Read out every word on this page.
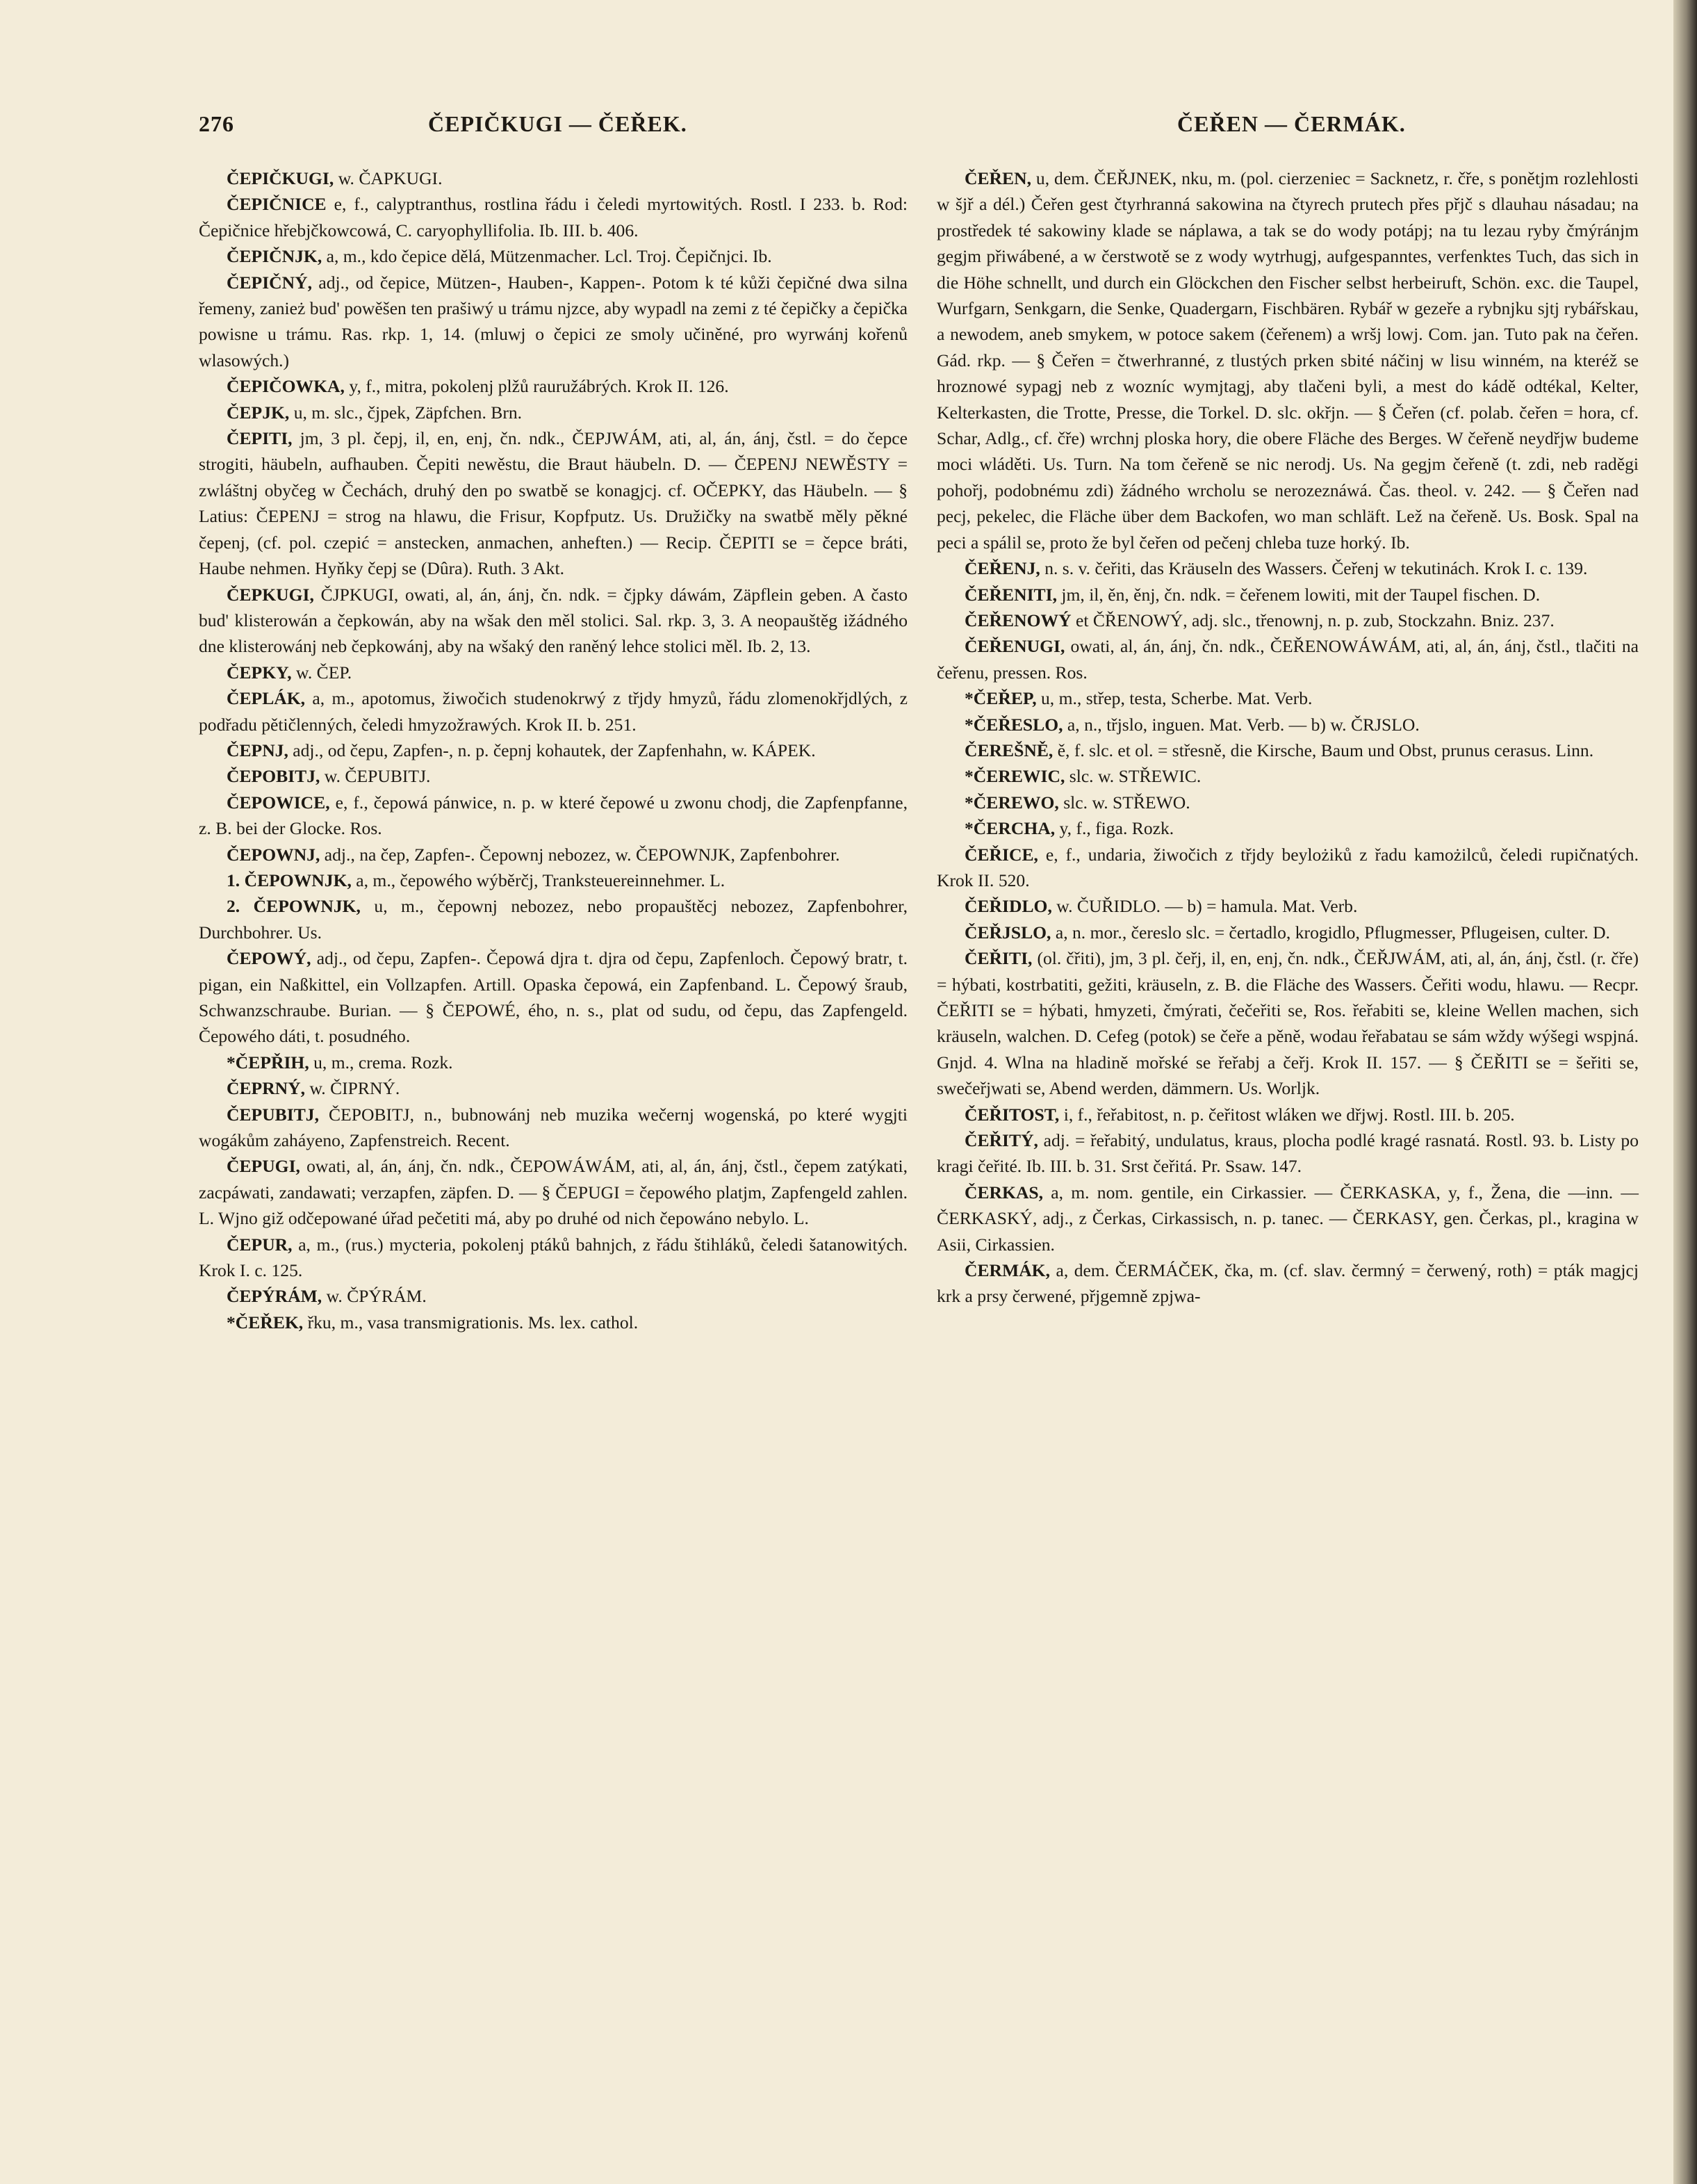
276	ČEPIČKUGI — ČEŘEK.	ČEŘEN — ČERMÁK.

ČEPIČKUGI, w. ČAPKUGI.

ČEPIČNICE e, f., calyptranthus, rostlina řádu i čeledi myrtowitých. Rostl. I 233. b. Rod: Čepičnice hřebjčkowcowá, C. caryophyllifolia. Ib. III. b. 406.

ČEPIČNJK, a, m., kdo čepice dělá, Mützenmacher. Lcl. Troj. Čepičnjci. Ib.

ČEPIČNÝ, adj., od čepice, Mützen-, Hauben-, Kappen-. Potom k té kůži čepičné dwa silna řemeny, zanież bud' powěšen ten prašiwý u trámu njzce, aby wypadl na zemi z té čepičky a čepička powisne u trámu. Ras. rkp. 1, 14. (mluwj o čepici ze smoly učiněné, pro wyrwánj kořenů wlasowých.)

ČEPIČOWKA, y, f., mitra, pokolenj plžů rauružábrých. Krok II. 126.

ČEPJK, u, m. slc., čjpek, Zäpfchen. Brn.

ČEPITI, jm, 3 pl. čepj, il, en, enj, čn. ndk., ČEPJWÁM, ati, al, án, ánj, čstl. = do čepce strogiti, häubeln, aufhauben. Čepiti newěstu, die Braut häubeln. D. — ČEPENJ NEWĚSTY = zwláštnj obyčeg w Čechách, druhý den po swatbě se konagjcj. cf. OČEPKY, das Häubeln. — § Latius: ČEPENJ = strog na hlawu, die Frisur, Kopfputz. Us. Družičky na swatbě měly pěkné čepenj, (cf. pol. czepić = anstecken, anmachen, anheften.) — Recip. ČEPITI se = čepce bráti, Haube nehmen. Hyňky čepj se (Dûra). Ruth. 3 Akt.

ČEPKUGI, ČJPKUGI, owati, al, án, ánj, čn. ndk. = čjpky dáwám, Zäpflein geben. A často bud' klisterowán a čepkowán, aby na wšak den měl stolici. Sal. rkp. 3, 3. A neopauštěg ižádného dne klisterowánj neb čepkowánj, aby na wšaký den raněný lehce stolici měl. Ib. 2, 13.

ČEPKY, w. ČEP.

ČEPLÁK, a, m., apotomus, žiwočich studenokrwý z třjdy hmyzů, řádu zlomenokřjdlých, z podřadu pětičlenných, čeledi hmyzožrawých. Krok II. b. 251.

ČEPNJ, adj., od čepu, Zapfen-, n. p. čepnj kohautek, der Zapfenhahn, w. KÁPEK.

ČEPOBITJ, w. ČEPUBITJ.

ČEPOWICE, e, f., čepowá pánwice, n. p. w které čepowé u zwonu chodj, die Zapfenpfanne, z. B. bei der Glocke. Ros.

ČEPOWNJ, adj., na čep, Zapfen-. Čepownj nebozez, w. ČEPOWNJK, Zapfenbohrer.

1. ČEPOWNJK, a, m., čepowého wýběrčj, Tranksteuereinnehmer. L.

2. ČEPOWNJK, u, m., čepownj nebozez, nebo propauštěcj nebozez, Zapfenbohrer, Durchbohrer. Us.

ČEPOWÝ, adj., od čepu, Zapfen-. Čepowá djra t. djra od čepu, Zapfenloch. Čepowý bratr, t. pigan, ein Naßkittel, ein Vollzapfen. Artill. Opaska čepowá, ein Zapfenband. L. Čepowý šraub, Schwanzschraube. Burian. — § ČEPOWÉ, ého, n. s., plat od sudu, od čepu, das Zapfengeld. Čepowého dáti, t. posudného.

*ČEPŘIH, u, m., crema. Rozk.

ČEPRNÝ, w. ČIPRNÝ.

ČEPUBITJ, ČEPOBITJ, n., bubnowánj neb muzika wečernj wogenská, po které wygjti wogákům zaháyeno, Zapfenstreich. Recent.

ČEPUGI, owati, al, án, ánj, čn. ndk., ČEPOWÁWÁM, ati, al, án, ánj, čstl., čepem zatýkati, zacpáwati, zandawati; verzapfen, zäpfen. D. — § ČEPUGI = čepowého platjm, Zapfengeld zahlen. L. Wjno giž odčepowané úřad pečetiti má, aby po druhé od nich čepowáno nebylo. L.

ČEPUR, a, m., (rus.) mycteria, pokolenj ptáků bahnjch, z řádu štihláků, čeledi šatanowitých. Krok I. c. 125.

ČEPÝRÁM, w. ČPÝRÁM.

*ČEŘEK, řku, m., vasa transmigrationis. Ms. lex. cathol.

ČEŘEN, u, dem. ČEŘJNEK, nku, m. (pol. cierzeniec = Sacknetz, r. čře, s ponětjm rozlehlosti w šjř a dél.) Čeřen gest čtyrhranná sakowina na čtyrech prutech přes přjč s dlauhau násadau; na prostředek té sakowiny klade se náplawa, a tak se do wody potápj; na tu lezau ryby čmýránjm gegjm přiwábené, a w čerstwotě se z wody wytrhugj, aufgespanntes, verfenktes Tuch, das sich in die Höhe schnellt, und durch ein Glöckchen den Fischer selbst herbeiruft, Schön. exc. die Taupel, Wurfgarn, Senkgarn, die Senke, Quadergarn, Fischbären. Rybář w gezeře a rybnjku sjtj rybářskau, a newodem, aneb smykem, w potoce sakem (čeřenem) a wršj lowj. Com. jan. Tuto pak na čeřen. Gád. rkp. — § Čeřen = čtwerhranné, z tlustých prken sbité náčinj w lisu winném, na kteréž se hroznowé sypagj neb z wozníc wymjtagj, aby tlačeni byli, a mest do kádě odtékal, Kelter, Kelterkasten, die Trotte, Presse, die Torkel. D. slc. okřjn. — § Čeřen (cf. polab. čeřen = hora, cf. Schar, Adlg., cf. čře) wrchnj ploska hory, die obere Fläche des Berges. W čeřeně neydřjw budeme moci wláděti. Us. Turn. Na tom čeřeně se nic nerodj. Us. Na gegjm čeřeně (t. zdi, neb raděgi pohořj, podobnému zdi) žádného wrcholu se nerozeznáwá. Čas. theol. v. 242. — § Čeřen nad pecj, pekelec, die Fläche über dem Backofen, wo man schläft. Lež na čeřeně. Us. Bosk. Spal na peci a spálil se, proto že byl čeřen od pečenj chleba tuze horký. Ib.

ČEŘENJ, n. s. v. čeřiti, das Kräuseln des Wassers. Čeřenj w tekutinách. Krok I. c. 139.

ČEŘENITI, jm, il, ěn, ěnj, čn. ndk. = čeřenem lowiti, mit der Taupel fischen. D.

ČEŘENOWÝ et ČŘENOWÝ, adj. slc., třenownj, n. p. zub, Stockzahn. Bniz. 237.

ČEŘENUGI, owati, al, án, ánj, čn. ndk., ČEŘENOWÁWÁM, ati, al, án, ánj, čstl., tlačiti na čeřenu, pressen. Ros.

*ČEŘEP, u, m., střep, testa, Scherbe. Mat. Verb.

*ČEŘESLO, a, n., třjslo, inguen. Mat. Verb. — b) w. ČRJSLO.

ČEREŠNĚ, ě, f. slc. et ol. = střesně, die Kirsche, Baum und Obst, prunus cerasus. Linn.

*ČEREWIC, slc. w. STŘEWIC.

*ČEREWO, slc. w. STŘEWO.

*ČERCHA, y, f., figa. Rozk.

ČEŘICE, e, f., undaria, žiwočich z třjdy beylożiků z řadu kamożilců, čeledi rupičnatých. Krok II. 520.

ČEŘIDLO, w. ČUŘIDLO. — b) = hamula. Mat. Verb.

ČEŘJSLO, a, n. mor., čereslo slc. = čertadlo, krogidlo, Pflugmesser, Pflugeisen, culter. D.

ČEŘITI, (ol. čřiti), jm, 3 pl. čeřj, il, en, enj, čn. ndk., ČEŘJWÁM, ati, al, án, ánj, čstl. (r. čře) = hýbati, kostrbatiti, gežiti, kräuseln, z. B. die Fläche des Wassers. Čeřiti wodu, hlawu. — Recpr. ČEŘITI se = hýbati, hmyzeti, čmýrati, čečeřiti se, Ros. řeřabiti se, kleine Wellen machen, sich kräuseln, walchen. D. Cefeg (potok) se čeře a pěně, wodau řeřabatau se sám wždy wýšegi wspjná. Gnjd. 4. Wlna na hladině mořské se řeřabj a čeřj. Krok II. 157. — § ČEŘITI se = šeřiti se, swečeřjwati se, Abend werden, dämmern. Us. Worljk.

ČEŘITOST, i, f., řeřabitost, n. p. čeřitost wláken we dřjwj. Rostl. III. b. 205.

ČEŘITÝ, adj. = řeřabitý, undulatus, kraus, plocha podlé kragé rasnatá. Rostl. 93. b. Listy po kragi čeřité. Ib. III. b. 31. Srst čeřitá. Pr. Ssaw. 147.

ČERKAS, a, m. nom. gentile, ein Cirkassier. — ČERKASKA, y, f., Žena, die —inn. — ČERKASKÝ, adj., z Čerkas, Cirkassisch, n. p. tanec. — ČERKASY, gen. Čerkas, pl., kragina w Asii, Cirkassien.

ČERMÁK, a, dem. ČERMÁČEK, čka, m. (cf. slav. čermný = čerwený, roth) = pták magjcj krk a prsy čerwené, přjgemně zpjwa-
